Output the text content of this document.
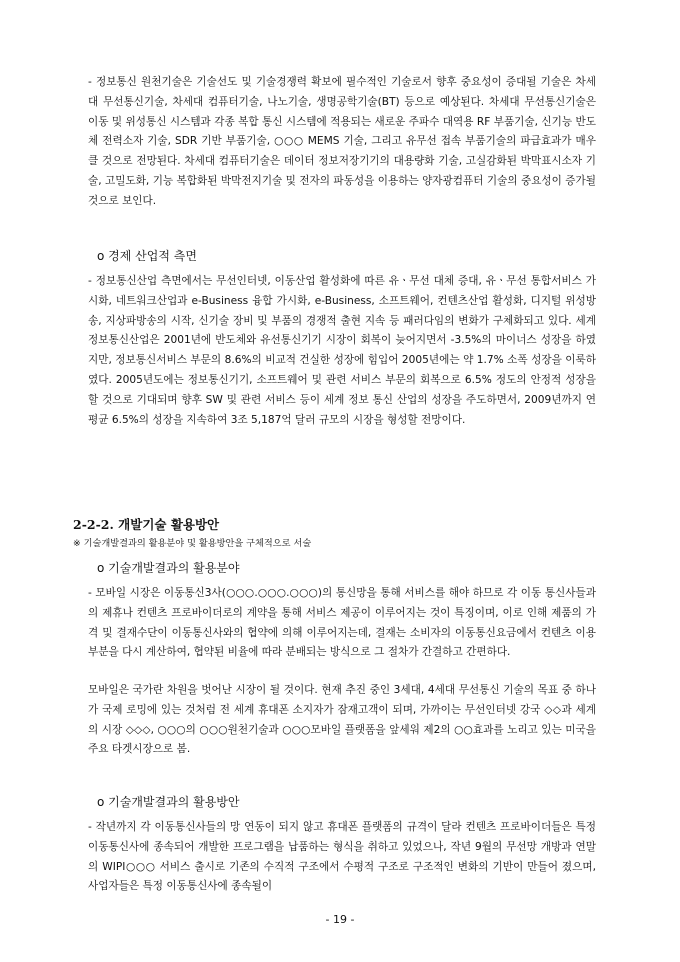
- 정보통신 원천기술은 기술선도 및 기술경쟁력 확보에 필수적인 기술로서 향후 중요성이 증대될 기술은 차세대 무선통신기술, 차세대 컴퓨터기술, 나노기술, 생명공학기술(BT) 등으로 예상된다. 차세대 무선통신기술은 이동 및 위성통신 시스템과 각종 복합 통신 시스템에 적용되는 새로운 주파수 대역용 RF 부품기술, 신기능 반도체 전력소자 기술, SDR 기반 부품기술, ○○○ MEMS 기술, 그리고 유무선 접속 부품기술의 파급효과가 매우 클 것으로 전망된다. 차세대 컴퓨터기술은 데이터 정보저장기기의 대용량화 기술, 고실감화된 박막표시소자 기술, 고밀도화, 기능 복합화된 박막전지기술 및 전자의 파동성을 이용하는 양자광컴퓨터 기술의 중요성이 증가될 것으로 보인다.

ο 경제 산업적 측면

- 정보통신산업 측면에서는 무선인터넷, 이동산업 활성화에 따른 유ㆍ무선 대체 증대, 유ㆍ무선 통합서비스 가시화, 네트워크산업과 e-Business 융합 가시화, e-Business, 소프트웨어, 컨텐츠산업 활성화, 디지털 위성방송, 지상파방송의 시작, 신기술 장비 및 부품의 경쟁적 출현 지속 등 패러다임의 변화가 구체화되고 있다. 세계 정보통신산업은 2001년에 반도체와 유선통신기기 시장이 회복이 늦어지면서 -3.5%의 마이너스 성장을 하였지만, 정보통신서비스 부문의 8.6%의 비교적 건실한 성장에 힘입어 2005년에는 약 1.7% 소폭 성장을 이룩하였다. 2005년도에는 정보통신기기, 소프트웨어 및 관련 서비스 부문의 회복으로 6.5% 정도의 안정적 성장을 할 것으로 기대되며 향후 SW 및 관련 서비스 등이 세계 정보 통신 산업의 성장을 주도하면서, 2009년까지 연평균 6.5%의 성장을 지속하여 3조 5,187억 달러 규모의 시장을 형성할 전망이다.

2-2-2. 개발기술 활용방안

※ 기술개발결과의 활용분야 및 활용방안을 구체적으로 서술

ο 기술개발결과의 활용분야

- 모바일 시장은 이동통신3사(○○○.○○○.○○○)의 통신망을 통해 서비스를 해야 하므로 각 이동 통신사들과의 제휴나 컨텐츠 프로바이더로의 계약을 통해 서비스 제공이 이루어지는 것이 특징이며, 이로 인해 제품의 가격 및 결재수단이 이동통신사와의 협약에 의해 이루어지는데, 결재는 소비자의 이동통신요금에서 컨텐츠 이용부분을 다시 계산하여, 협약된 비율에 따라 분배되는 방식으로 그 절차가 간결하고 간편하다.

모바일은 국가란 차원을 벗어난 시장이 될 것이다. 현재 추진 중인 3세대, 4세대 무선통신 기술의 목표 중 하나가 국제 로밍에 있는 것처럼 전 세계 휴대폰 소지자가 잠재고객이 되며, 가까이는 무선인터넷 강국 ◇◇과 세계의 시장 ◇◇◇, ○○○의 ○○○원천기술과 ○○○모바일 플랫폼을 앞세워 제2의 ○○효과를 노리고 있는 미국을 주요 타겟시장으로 봄.

ο 기술개발결과의 활용방안

- 작년까지 각 이동통신사들의 망 연동이 되지 않고 휴대폰 플랫폼의 규격이 달라 컨텐츠 프로바이더들은 특정 이동통신사에 종속되어 개발한 프로그램을 납품하는 형식을 취하고 있었으나, 작년 9월의 무선망 개방과 연말의 WIPI○○○ 서비스 출시로 기존의 수직적 구조에서 수평적 구조로 구조적인 변화의 기반이 만들어 졌으며, 사업자들은 특정 이동통신사에 종속될이

- 19 -
